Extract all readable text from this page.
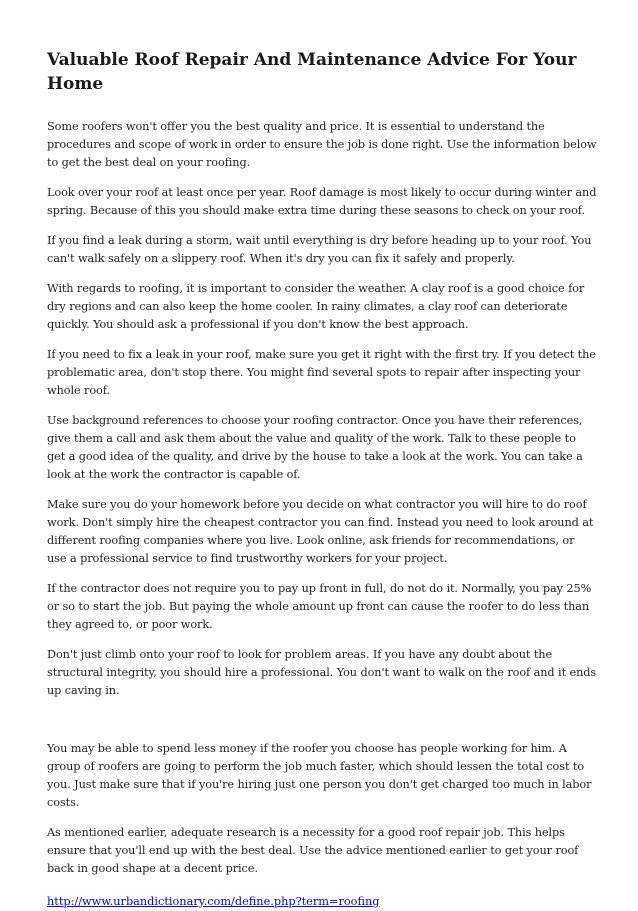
Valuable Roof Repair And Maintenance Advice For Your Home

Some roofers won't offer you the best quality and price. It is essential to understand the procedures and scope of work in order to ensure the job is done right. Use the information below to get the best deal on your roofing.

Look over your roof at least once per year. Roof damage is most likely to occur during winter and spring. Because of this you should make extra time during these seasons to check on your roof.

If you find a leak during a storm, wait until everything is dry before heading up to your roof. You can't walk safely on a slippery roof. When it's dry you can fix it safely and properly.

With regards to roofing, it is important to consider the weather. A clay roof is a good choice for dry regions and can also keep the home cooler. In rainy climates, a clay roof can deteriorate quickly. You should ask a professional if you don't know the best approach.

If you need to fix a leak in your roof, make sure you get it right with the first try. If you detect the problematic area, don't stop there. You might find several spots to repair after inspecting your whole roof.

Use background references to choose your roofing contractor. Once you have their references, give them a call and ask them about the value and quality of the work. Talk to these people to get a good idea of the quality, and drive by the house to take a look at the work. You can take a look at the work the contractor is capable of.

Make sure you do your homework before you decide on what contractor you will hire to do roof work. Don't simply hire the cheapest contractor you can find. Instead you need to look around at different roofing companies where you live. Look online, ask friends for recommendations, or use a professional service to find trustworthy workers for your project.

If the contractor does not require you to pay up front in full, do not do it. Normally, you pay 25% or so to start the job. But paying the whole amount up front can cause the roofer to do less than they agreed to, or poor work.

Don't just climb onto your roof to look for problem areas. If you have any doubt about the structural integrity, you should hire a professional. You don't want to walk on the roof and it ends up caving in.

You may be able to spend less money if the roofer you choose has people working for him. A group of roofers are going to perform the job much faster, which should lessen the total cost to you. Just make sure that if you're hiring just one person you don't get charged too much in labor costs.

As mentioned earlier, adequate research is a necessity for a good roof repair job. This helps ensure that you'll end up with the best deal. Use the advice mentioned earlier to get your roof back in good shape at a decent price.

http://www.urbandictionary.com/define.php?term=roofing
